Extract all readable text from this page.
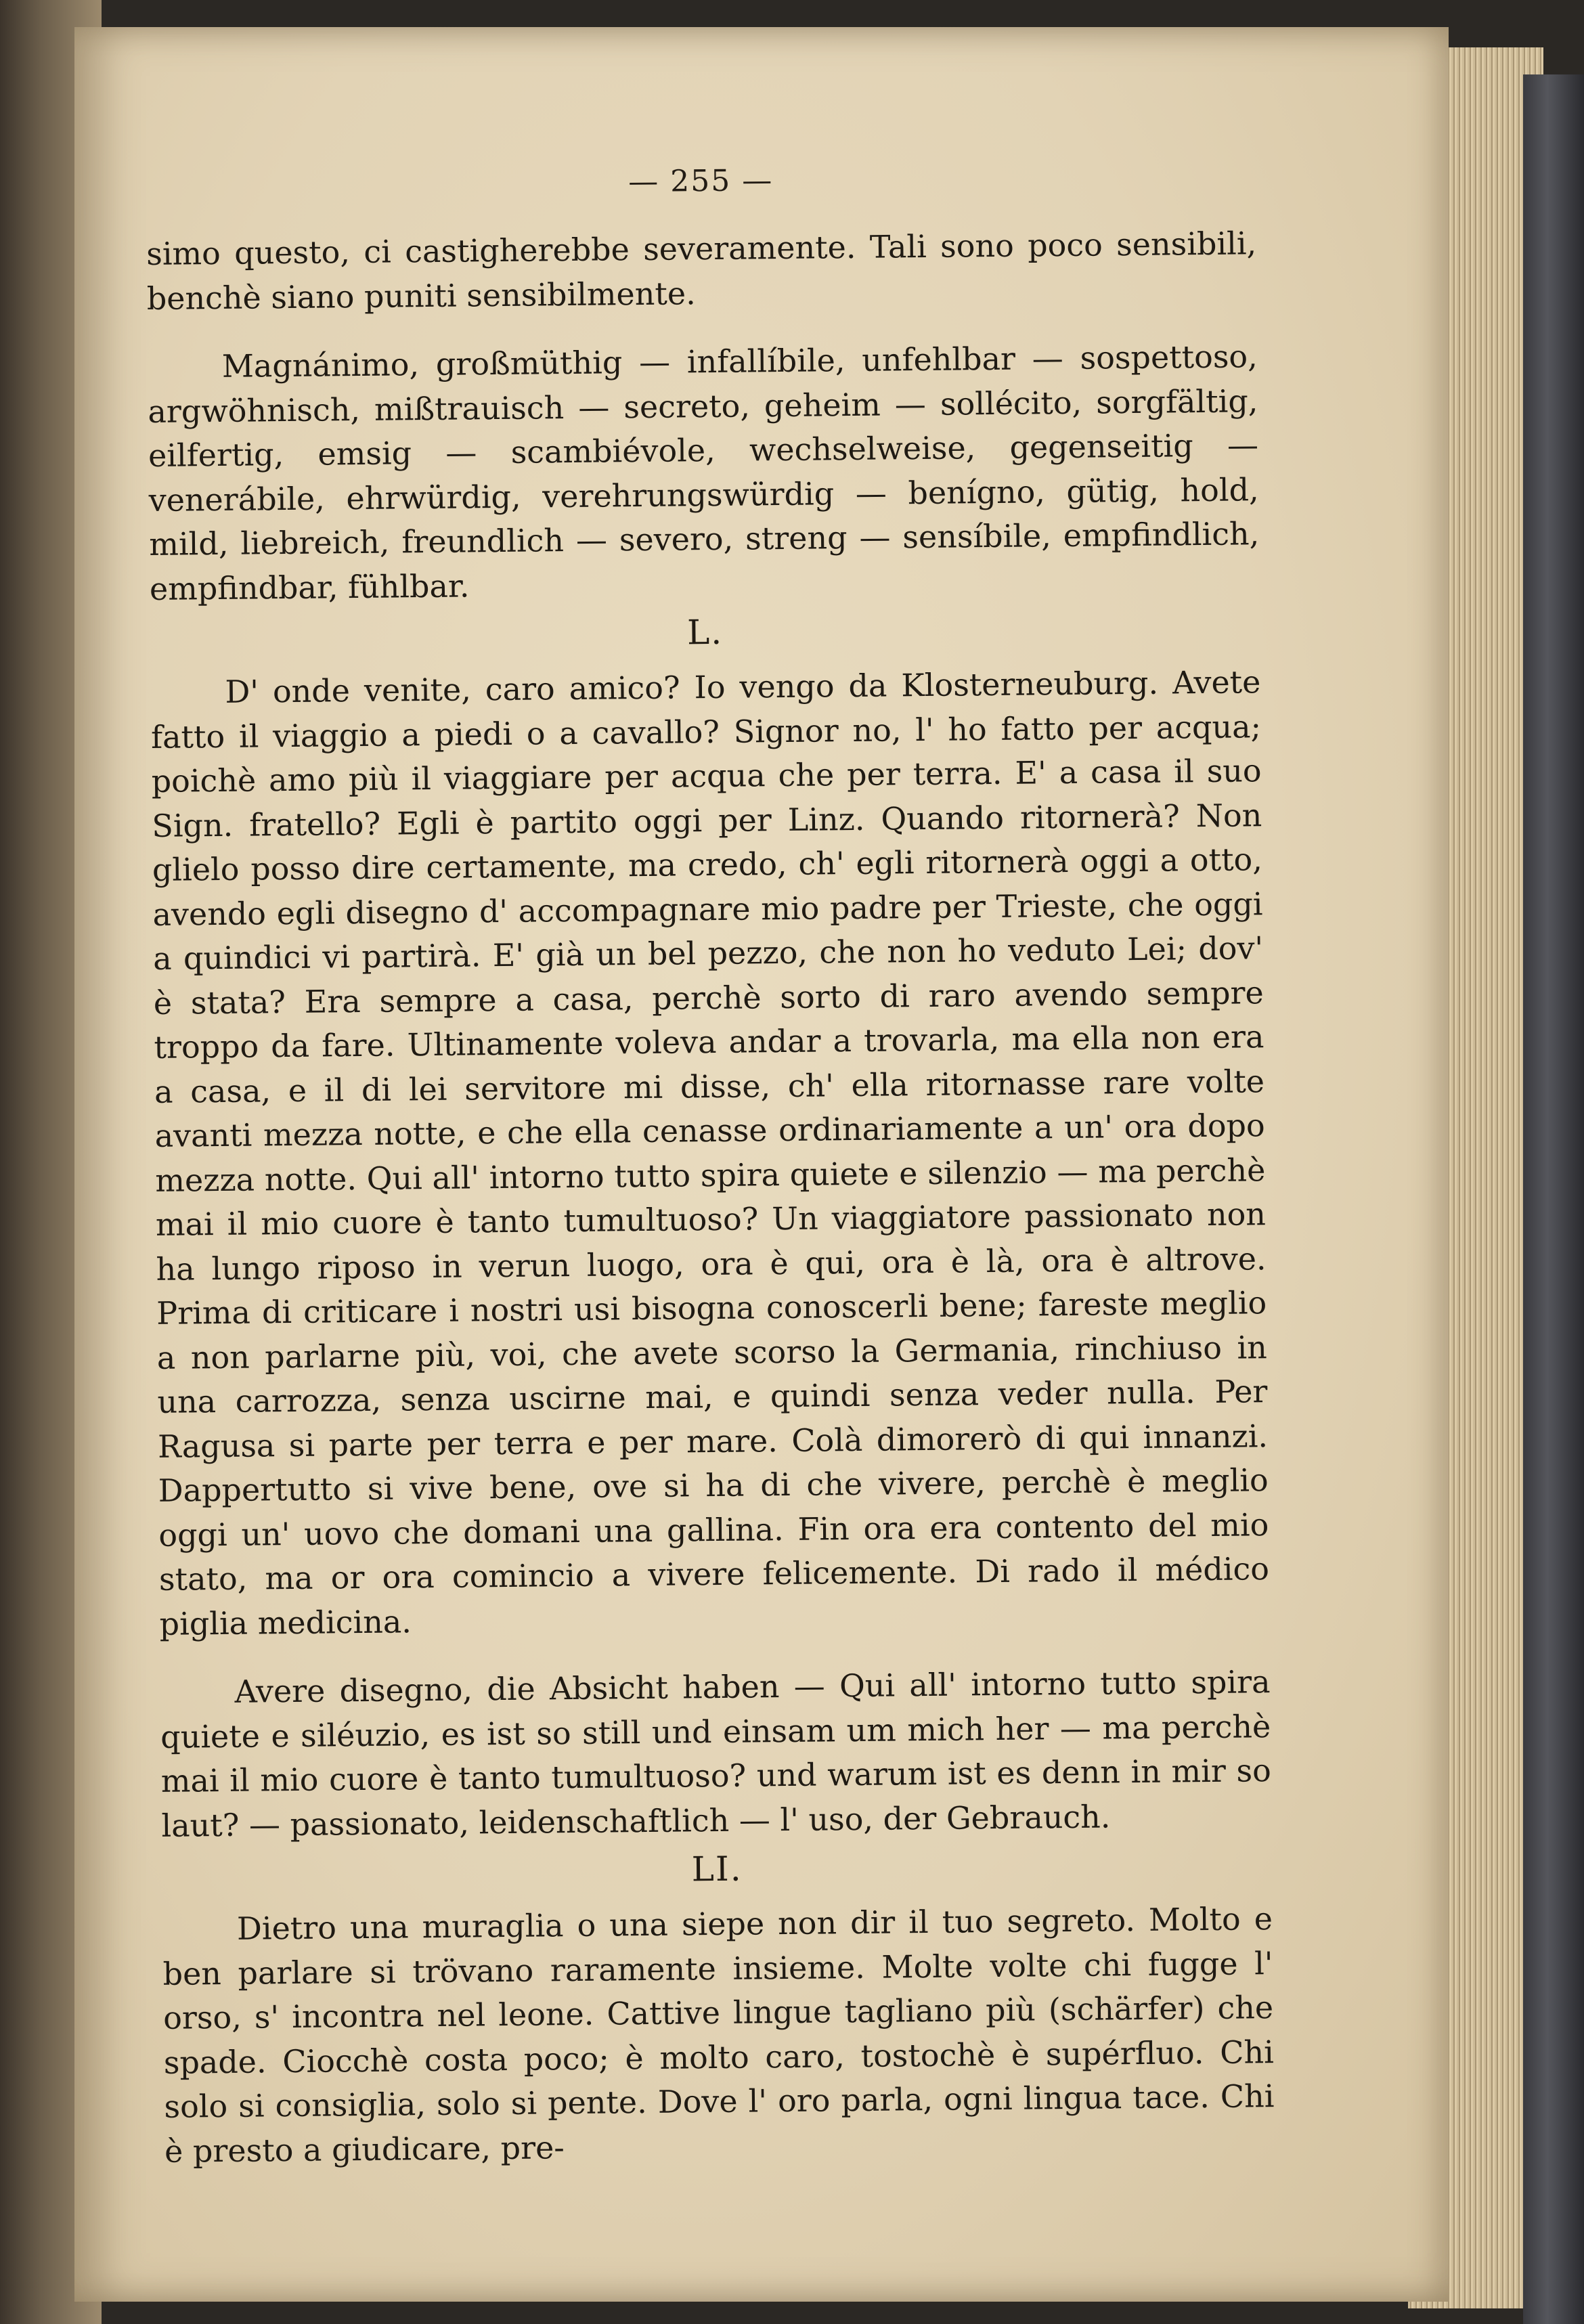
— 255 —

simo questo, ci castigherebbe severamente. Tali sono poco sensibili, benchè siano puniti sensibilmente.

Magnánimo, großmüthig — infallíbile, unfehlbar — sospettoso, argwöhnisch, mißtrauisch — secreto, geheim — sollécito, sorgfältig, eilfertig, emsig — scambiévole, wechselweise, gegenseitig — venerábile, ehrwürdig, verehrungswürdig — benígno, gütig, hold, mild, liebreich, freundlich — severo, streng — sensíbile, empfindlich, empfindbar, fühlbar.

L.

D' onde venite, caro amico? Io vengo da Klosterneuburg. Avete fatto il viaggio a piedi o a cavallo? Signor no, l' ho fatto per acqua; poichè amo più il viaggiare per acqua che per terra. E' a casa il suo Sign. fratello? Egli è partito oggi per Linz. Quando ritornerà? Non glielo posso dire certamente, ma credo, ch' egli ritornerà oggi a otto, avendo egli disegno d' accompagnare mio padre per Trieste, che oggi a quindici vi partirà. E' già un bel pezzo, che non ho veduto Lei; dov' è stata? Era sempre a casa, perchè sorto di raro avendo sempre troppo da fare. Ultinamente voleva andar a trovarla, ma ella non era a casa, e il di lei servitore mi disse, ch' ella ritornasse rare volte avanti mezza notte, e che ella cenasse ordinariamente a un' ora dopo mezza notte. Qui all' intorno tutto spira quiete e silenzio — ma perchè mai il mio cuore è tanto tumultuoso? Un viaggiatore passionato non ha lungo riposo in verun luogo, ora è qui, ora è là, ora è altrove. Prima di criticare i nostri usi bisogna conoscerli bene; fareste meglio a non parlarne più, voi, che avete scorso la Germania, rinchiuso in una carrozza, senza uscirne mai, e quindi senza veder nulla. Per Ragusa si parte per terra e per mare. Colà dimorerò di qui innanzi. Dappertutto si vive bene, ove si ha di che vivere, perchè è meglio oggi un' uovo che domani una gallina. Fin ora era contento del mio stato, ma or ora comincio a vivere felicemente. Di rado il médico piglia medicina.

Avere disegno, die Absicht haben — Qui all' intorno tutto spira quiete e siléuzio, es ist so still und einsam um mich her — ma perchè mai il mio cuore è tanto tumultuoso? und warum ist es denn in mir so laut? — passionato, leidenschaftlich — l' uso, der Gebrauch.

LI.

Dietro una muraglia o una siepe non dir il tuo segreto. Molto e ben parlare si trövano raramente insieme. Molte volte chi fugge l' orso, s' incontra nel leone. Cattive lingue tagliano più (schärfer) che spade. Ciocchè costa poco; è molto caro, tostochè è supérfluo. Chi solo si consiglia, solo si pente. Dove l' oro parla, ogni lingua tace. Chi è presto a giudicare, pre-
